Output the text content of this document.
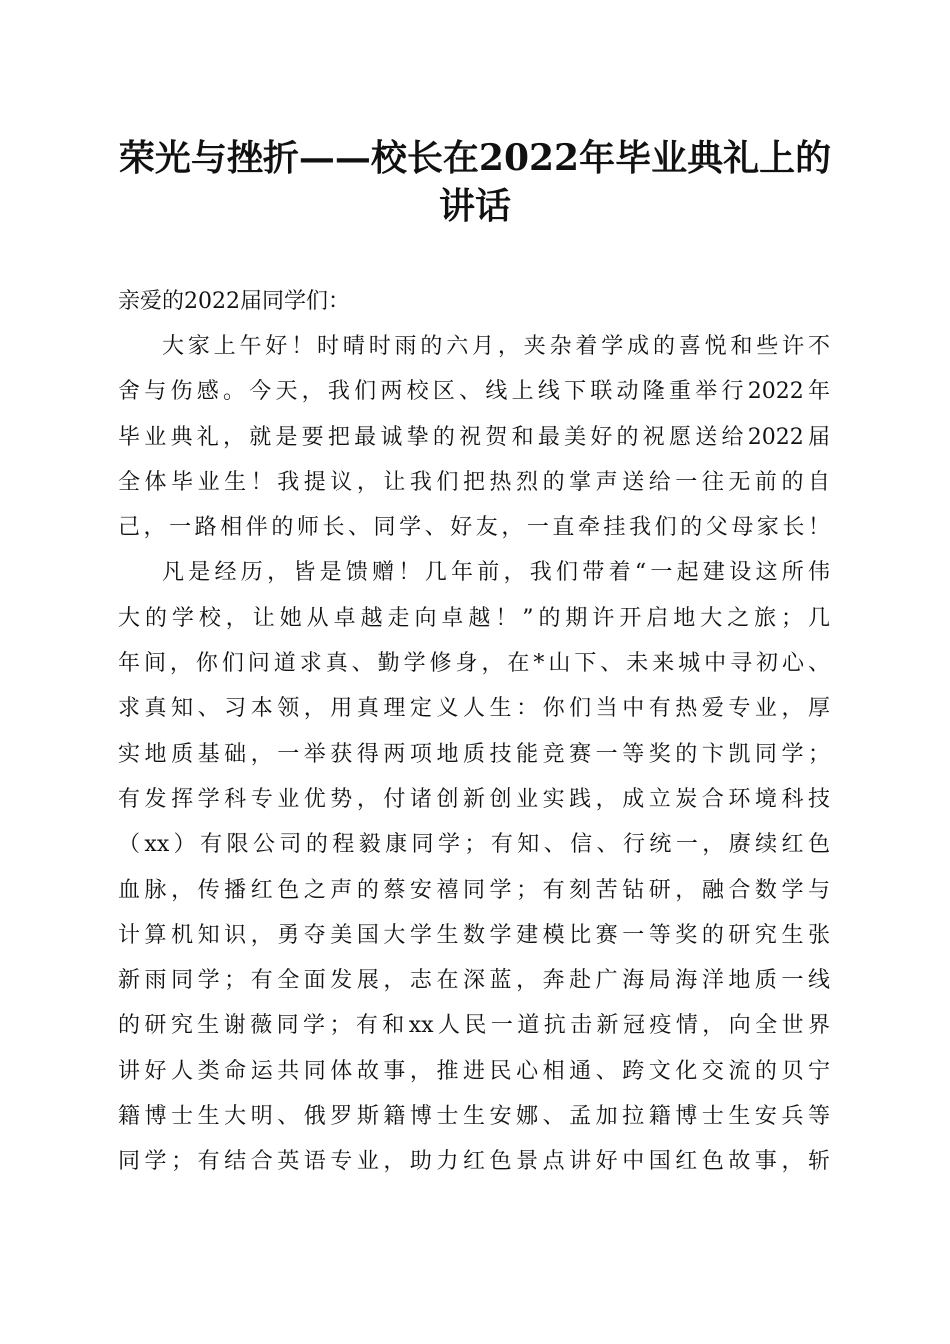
荣光与挫折——校长在2022年毕业典礼上的
讲话
亲爱的2022届同学们：
大家上午好！时晴时雨的六月，夹杂着学成的喜悦和些许不
舍与伤感。今天，我们两校区、线上线下联动隆重举行2022年
毕业典礼，就是要把最诚挚的祝贺和最美好的祝愿送给2022届
全体毕业生！我提议，让我们把热烈的掌声送给一往无前的自
己，一路相伴的师长、同学、好友，一直牵挂我们的父母家长！
凡是经历，皆是馈赠！几年前，我们带着“一起建设这所伟
大的学校，让她从卓越走向卓越！”的期许开启地大之旅；几
年间，你们问道求真、勤学修身，在*山下、未来城中寻初心、
求真知、习本领，用真理定义人生：你们当中有热爱专业，厚
实地质基础，一举获得两项地质技能竞赛一等奖的卞凯同学；
有发挥学科专业优势，付诸创新创业实践，成立炭合环境科技
（xx）有限公司的程毅康同学；有知、信、行统一，赓续红色
血脉，传播红色之声的蔡安禧同学；有刻苦钻研，融合数学与
计算机知识，勇夺美国大学生数学建模比赛一等奖的研究生张
新雨同学；有全面发展，志在深蓝，奔赴广海局海洋地质一线
的研究生谢薇同学；有和xx人民一道抗击新冠疫情，向全世界
讲好人类命运共同体故事，推进民心相通、跨文化交流的贝宁
籍博士生大明、俄罗斯籍博士生安娜、孟加拉籍博士生安兵等
同学；有结合英语专业，助力红色景点讲好中国红色故事，斩
